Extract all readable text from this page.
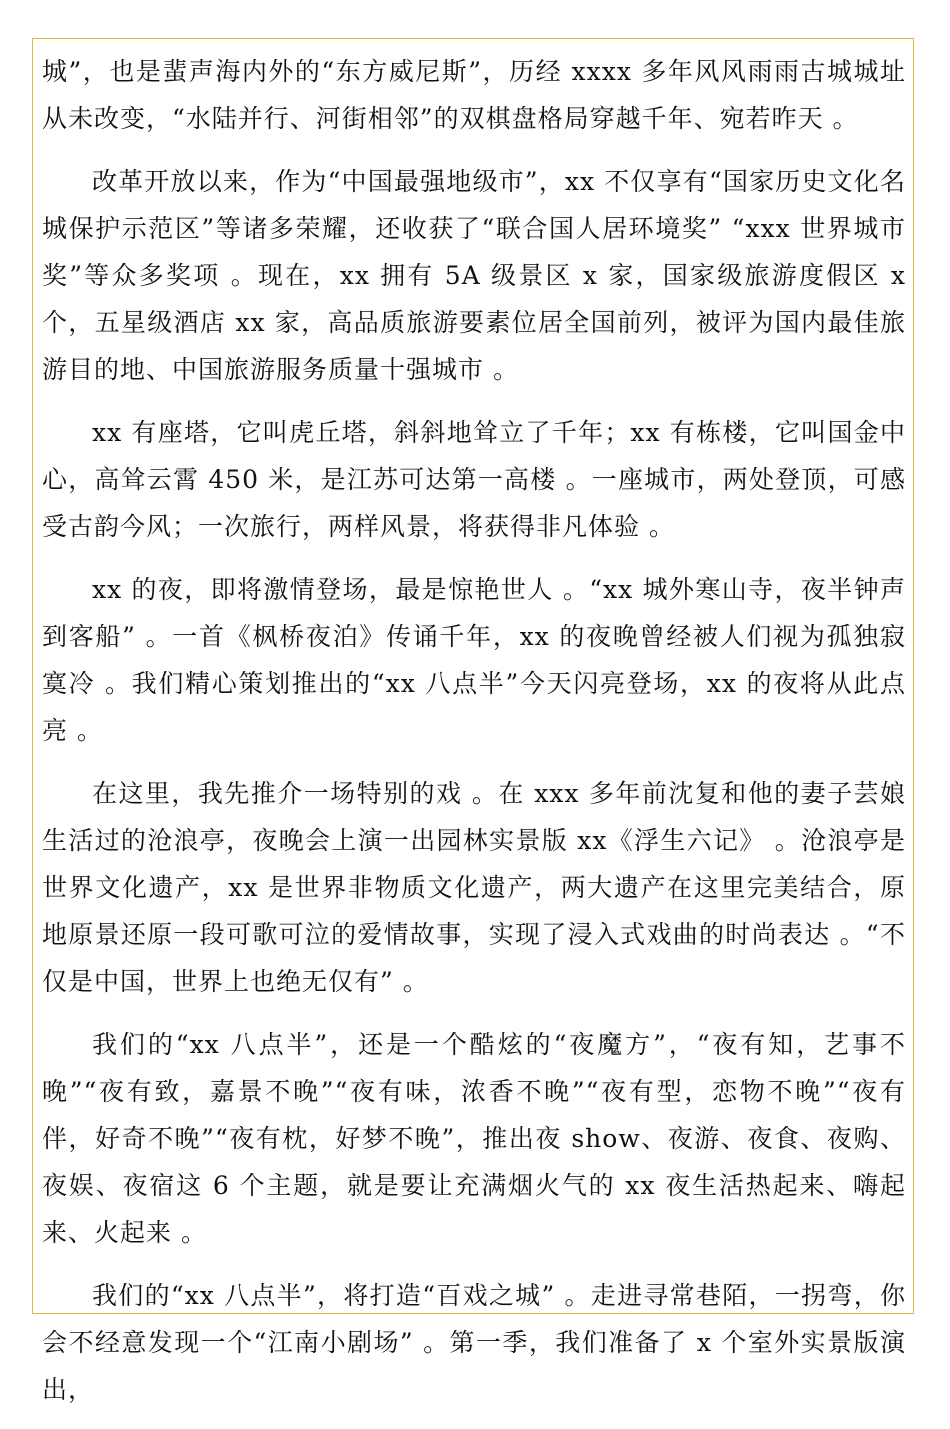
城”，也是蜚声海内外的“东方威尼斯”，历经 xxxx 多年风风雨雨古城城址从未改变，“水陆并行、河街相邻”的双棋盘格局穿越千年、宛若昨天 。

改革开放以来，作为“中国最强地级市”，xx 不仅享有“国家历史文化名城保护示范区”等诸多荣耀，还收获了“联合国人居环境奖” “xxx 世界城市奖”等众多奖项 。现在，xx 拥有 5A 级景区 x 家，国家级旅游度假区 x 个，五星级酒店 xx 家，高品质旅游要素位居全国前列，被评为国内最佳旅游目的地、中国旅游服务质量十强城市 。

xx 有座塔，它叫虎丘塔，斜斜地耸立了千年；xx 有栋楼，它叫国金中心，高耸云霄 450 米，是江苏可达第一高楼 。一座城市，两处登顶，可感受古韵今风；一次旅行，两样风景，将获得非凡体验 。

xx 的夜，即将激情登场，最是惊艳世人 。“xx 城外寒山寺，夜半钟声到客船” 。一首《枫桥夜泊》传诵千年，xx 的夜晚曾经被人们视为孤独寂寞冷 。我们精心策划推出的“xx 八点半”今天闪亮登场，xx 的夜将从此点亮 。

在这里，我先推介一场特别的戏 。在 xxx 多年前沈复和他的妻子芸娘生活过的沧浪亭，夜晚会上演一出园林实景版 xx《浮生六记》 。沧浪亭是世界文化遗产，xx 是世界非物质文化遗产，两大遗产在这里完美结合，原地原景还原一段可歌可泣的爱情故事，实现了浸入式戏曲的时尚表达 。“不仅是中国，世界上也绝无仅有” 。

我们的“xx 八点半”，还是一个酷炫的“夜魔方”，“夜有知，艺事不晚”“夜有致，嘉景不晚”“夜有味，浓香不晚”“夜有型，恋物不晚”“夜有伴，好奇不晚”“夜有枕，好梦不晚”，推出夜 show、夜游、夜食、夜购、夜娱、夜宿这 6 个主题，就是要让充满烟火气的 xx 夜生活热起来、嗨起来、火起来 。

我们的“xx 八点半”，将打造“百戏之城” 。走进寻常巷陌，一拐弯，你会不经意发现一个“江南小剧场” 。第一季，我们准备了 x 个室外实景版演出，
